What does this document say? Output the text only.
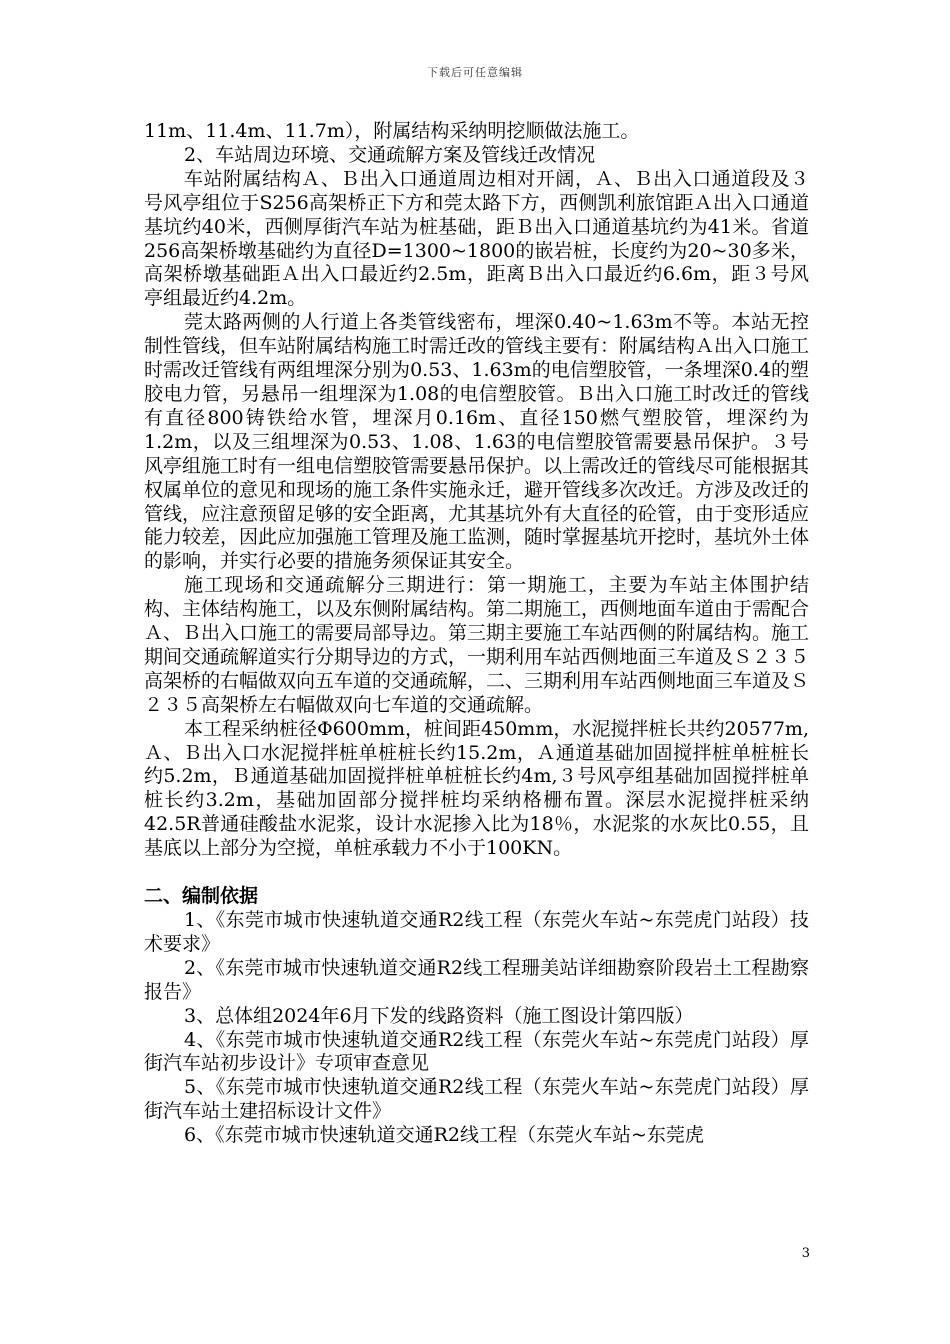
下载后可任意编辑

11m、11.4m、11.7m），附属结构采纳明挖顺做法施工。

2、车站周边环境、交通疏解方案及管线迁改情况

车站附属结构Ａ、Ｂ出入口通道周边相对开阔，Ａ、Ｂ出入口通道段及３号风亭组位于S256高架桥正下方和莞太路下方，西侧凯利旅馆距Ａ出入口通道基坑约40米，西侧厚街汽车站为桩基础，距Ｂ出入口通道基坑约为41米。省道256高架桥墩基础约为直径D=1300~1800的嵌岩桩，长度约为20~30多米，高架桥墩基础距Ａ出入口最近约2.5m，距离Ｂ出入口最近约6.6m，距３号风亭组最近约4.2m。

莞太路两侧的人行道上各类管线密布，埋深0.40~1.63m不等。本站无控制性管线，但车站附属结构施工时需迁改的管线主要有：附属结构Ａ出入口施工时需改迁管线有两组埋深分别为0.53、1.63m的电信塑胶管，一条埋深0.4的塑胶电力管，另悬吊一组埋深为1.08的电信塑胶管。Ｂ出入口施工时改迁的管线有直径800铸铁给水管，埋深月0.16m、直径150燃气塑胶管，埋深约为1.2m，以及三组埋深为0.53、1.08、1.63的电信塑胶管需要悬吊保护。３号风亭组施工时有一组电信塑胶管需要悬吊保护。以上需改迁的管线尽可能根据其权属单位的意见和现场的施工条件实施永迁，避开管线多次改迁。方涉及改迁的管线，应注意预留足够的安全距离，尤其基坑外有大直径的砼管，由于变形适应能力较差，因此应加强施工管理及施工监测，随时掌握基坑开挖时，基坑外土体的影响，并实行必要的措施务须保证其安全。

施工现场和交通疏解分三期进行：第一期施工，主要为车站主体围护结构、主体结构施工，以及东侧附属结构。第二期施工，西侧地面车道由于需配合Ａ、Ｂ出入口施工的需要局部导边。第三期主要施工车站西侧的附属结构。施工期间交通疏解道实行分期导边的方式，一期利用车站西侧地面三车道及Ｓ２３５高架桥的右幅做双向五车道的交通疏解，二、三期利用车站西侧地面三车道及Ｓ２３５高架桥左右幅做双向七车道的交通疏解。

本工程采纳桩径Φ600mm，桩间距450mm，水泥搅拌桩长共约20577m,Ａ、Ｂ出入口水泥搅拌桩单桩桩长约15.2m，Ａ通道基础加固搅拌桩单桩桩长约5.2m，Ｂ通道基础加固搅拌桩单桩桩长约4m,３号风亭组基础加固搅拌桩单桩长约3.2m，基础加固部分搅拌桩均采纳格栅布置。深层水泥搅拌桩采纳42.5R普通硅酸盐水泥浆，设计水泥掺入比为18％，水泥浆的水灰比0.55，且基底以上部分为空搅，单桩承载力不小于100KN。

二、编制依据

1、《东莞市城市快速轨道交通R2线工程（东莞火车站~东莞虎门站段）技术要求》

2、《东莞市城市快速轨道交通R2线工程珊美站详细勘察阶段岩土工程勘察报告》

3、总体组2024年6月下发的线路资料（施工图设计第四版）

4、《东莞市城市快速轨道交通R2线工程（东莞火车站~东莞虎门站段）厚街汽车站初步设计》专项审查意见

5、《东莞市城市快速轨道交通R2线工程（东莞火车站~东莞虎门站段）厚街汽车站土建招标设计文件》

6、《东莞市城市快速轨道交通R2线工程（东莞火车站~东莞虎

3
